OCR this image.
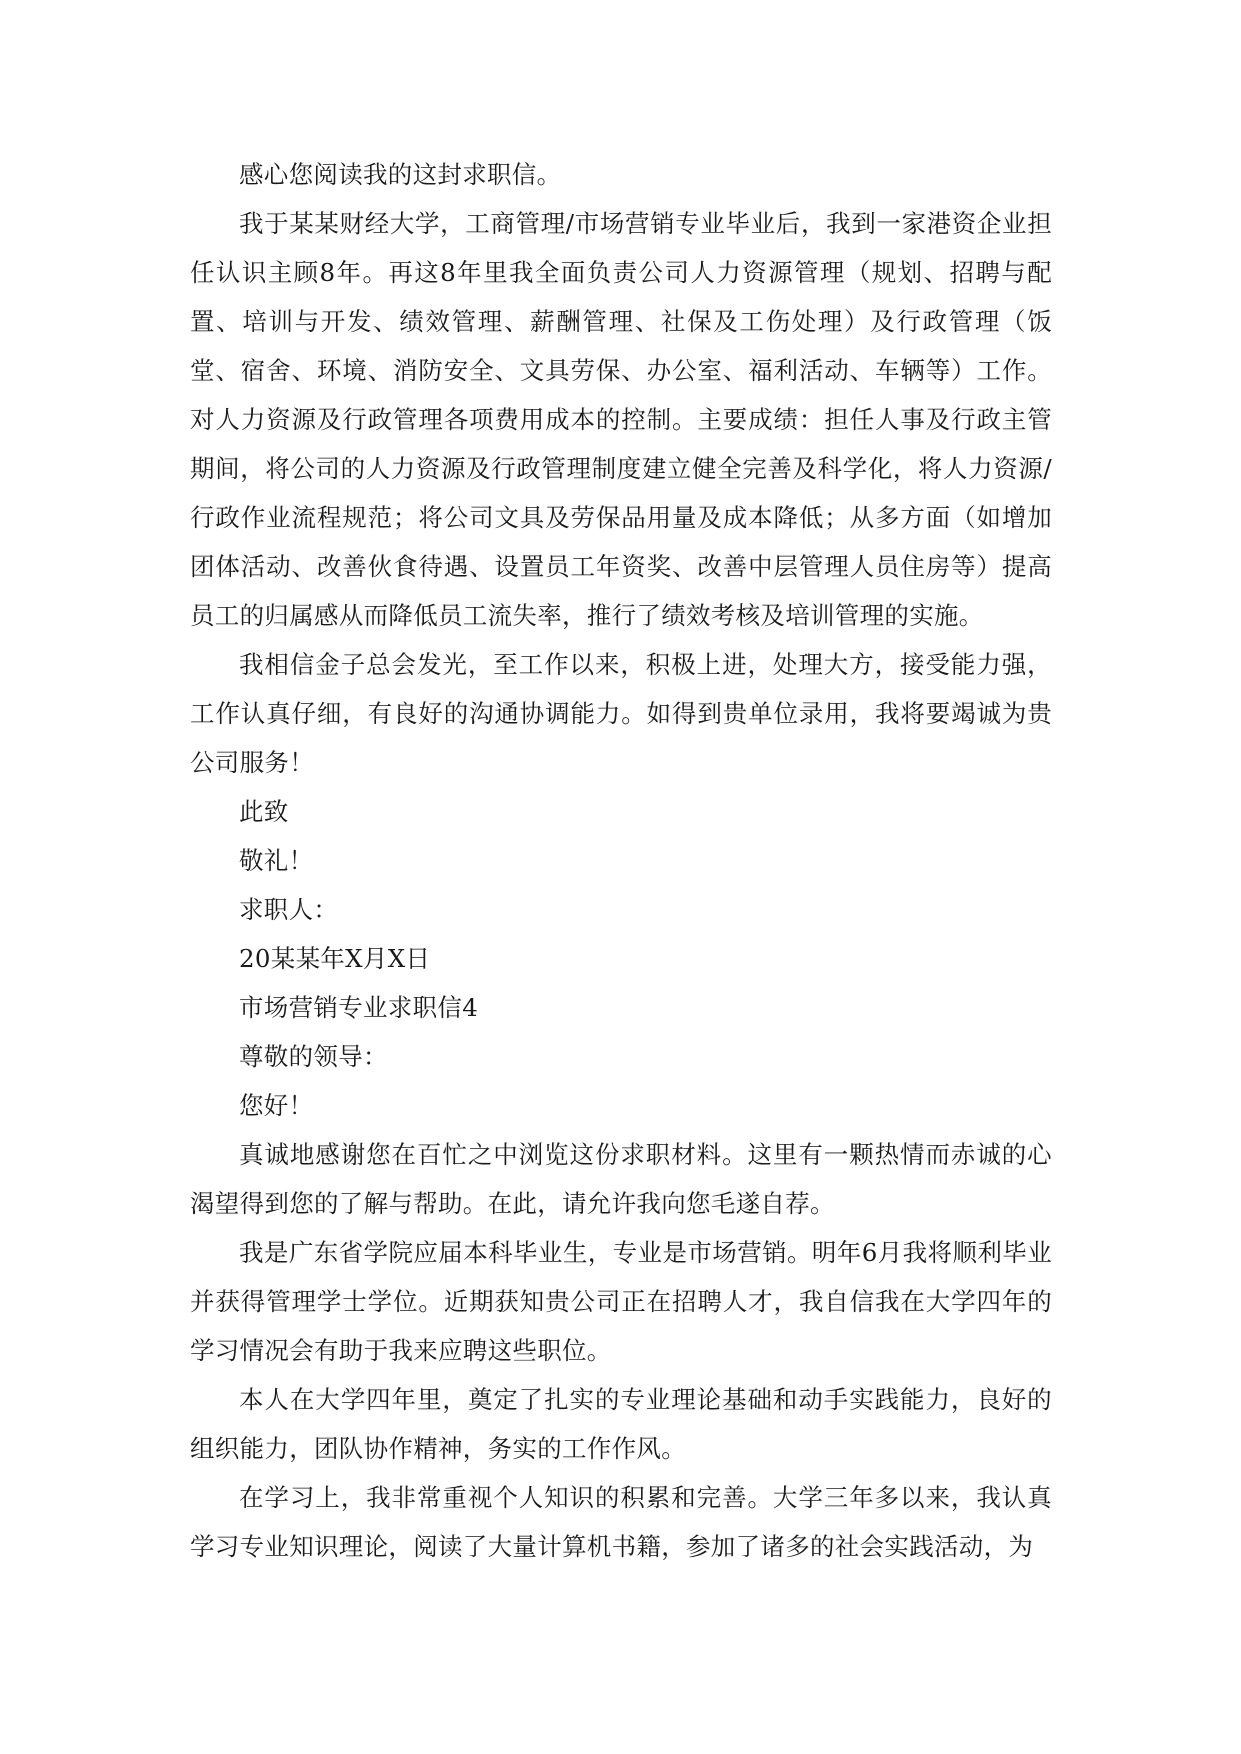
感心您阅读我的这封求职信。

我于某某财经大学，工商管理/市场营销专业毕业后，我到一家港资企业担任认识主顾8年。再这8年里我全面负责公司人力资源管理（规划、招聘与配置、培训与开发、绩效管理、薪酬管理、社保及工伤处理）及行政管理（饭堂、宿舍、环境、消防安全、文具劳保、办公室、福利活动、车辆等）工作。对人力资源及行政管理各项费用成本的控制。主要成绩：担任人事及行政主管期间，将公司的人力资源及行政管理制度建立健全完善及科学化，将人力资源/行政作业流程规范；将公司文具及劳保品用量及成本降低；从多方面（如增加团体活动、改善伙食待遇、设置员工年资奖、改善中层管理人员住房等）提高员工的归属感从而降低员工流失率，推行了绩效考核及培训管理的实施。

我相信金子总会发光，至工作以来，积极上进，处理大方，接受能力强，工作认真仔细，有良好的沟通协调能力。如得到贵单位录用，我将要竭诚为贵公司服务！

此致

敬礼！

求职人：

20某某年X月X日

市场营销专业求职信4

尊敬的领导：

您好！

真诚地感谢您在百忙之中浏览这份求职材料。这里有一颗热情而赤诚的心渴望得到您的了解与帮助。在此，请允许我向您毛遂自荐。

我是广东省学院应届本科毕业生，专业是市场营销。明年6月我将顺利毕业并获得管理学士学位。近期获知贵公司正在招聘人才，我自信我在大学四年的学习情况会有助于我来应聘这些职位。

本人在大学四年里，奠定了扎实的专业理论基础和动手实践能力，良好的组织能力，团队协作精神，务实的工作作风。

在学习上，我非常重视个人知识的积累和完善。大学三年多以来，我认真学习专业知识理论，阅读了大量计算机书籍，参加了诸多的社会实践活动，为
